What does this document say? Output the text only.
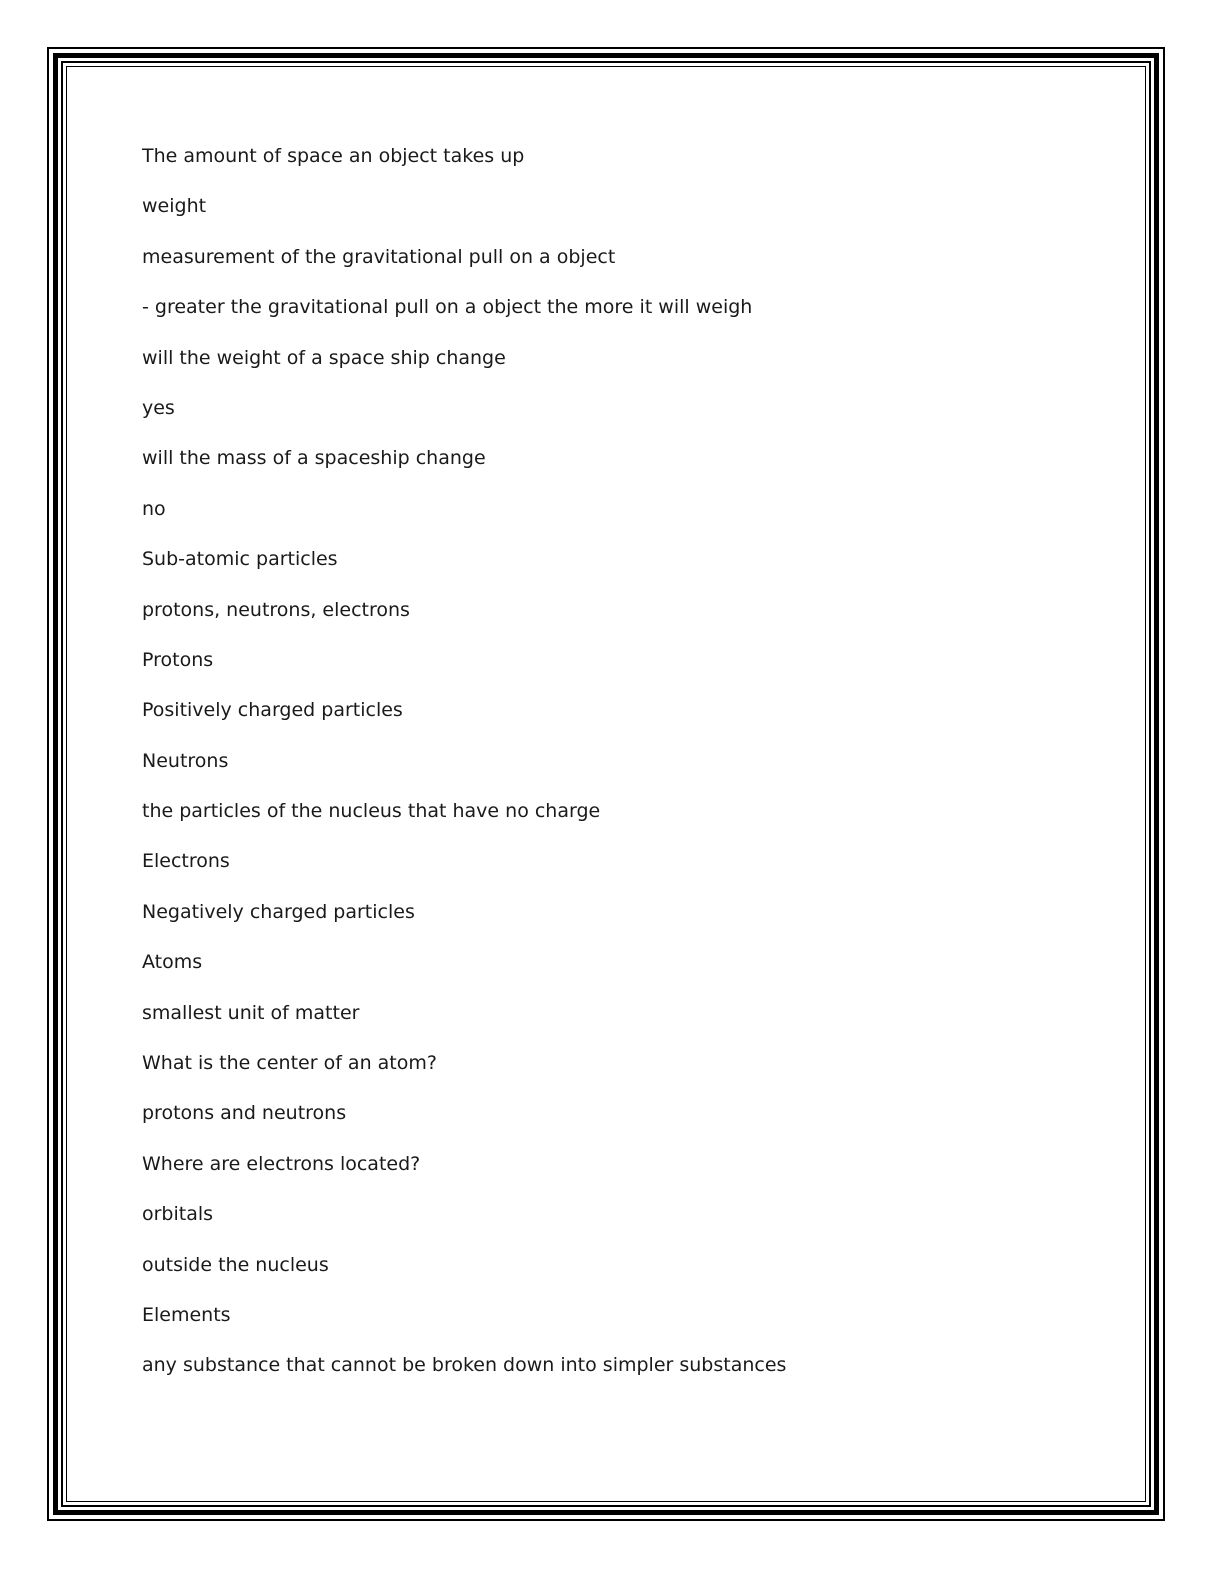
The amount of space an object takes up
weight
measurement of the gravitational pull on a object
- greater the gravitational pull on a object the more it will weigh
will the weight of a space ship change
yes
will the mass of a spaceship change
no
Sub-atomic particles
protons, neutrons, electrons
Protons
Positively charged particles
Neutrons
the particles of the nucleus that have no charge
Electrons
Negatively charged particles
Atoms
smallest unit of matter
What is the center of an atom?
protons and neutrons
Where are electrons located?
orbitals
outside the nucleus
Elements
any substance that cannot be broken down into simpler substances
